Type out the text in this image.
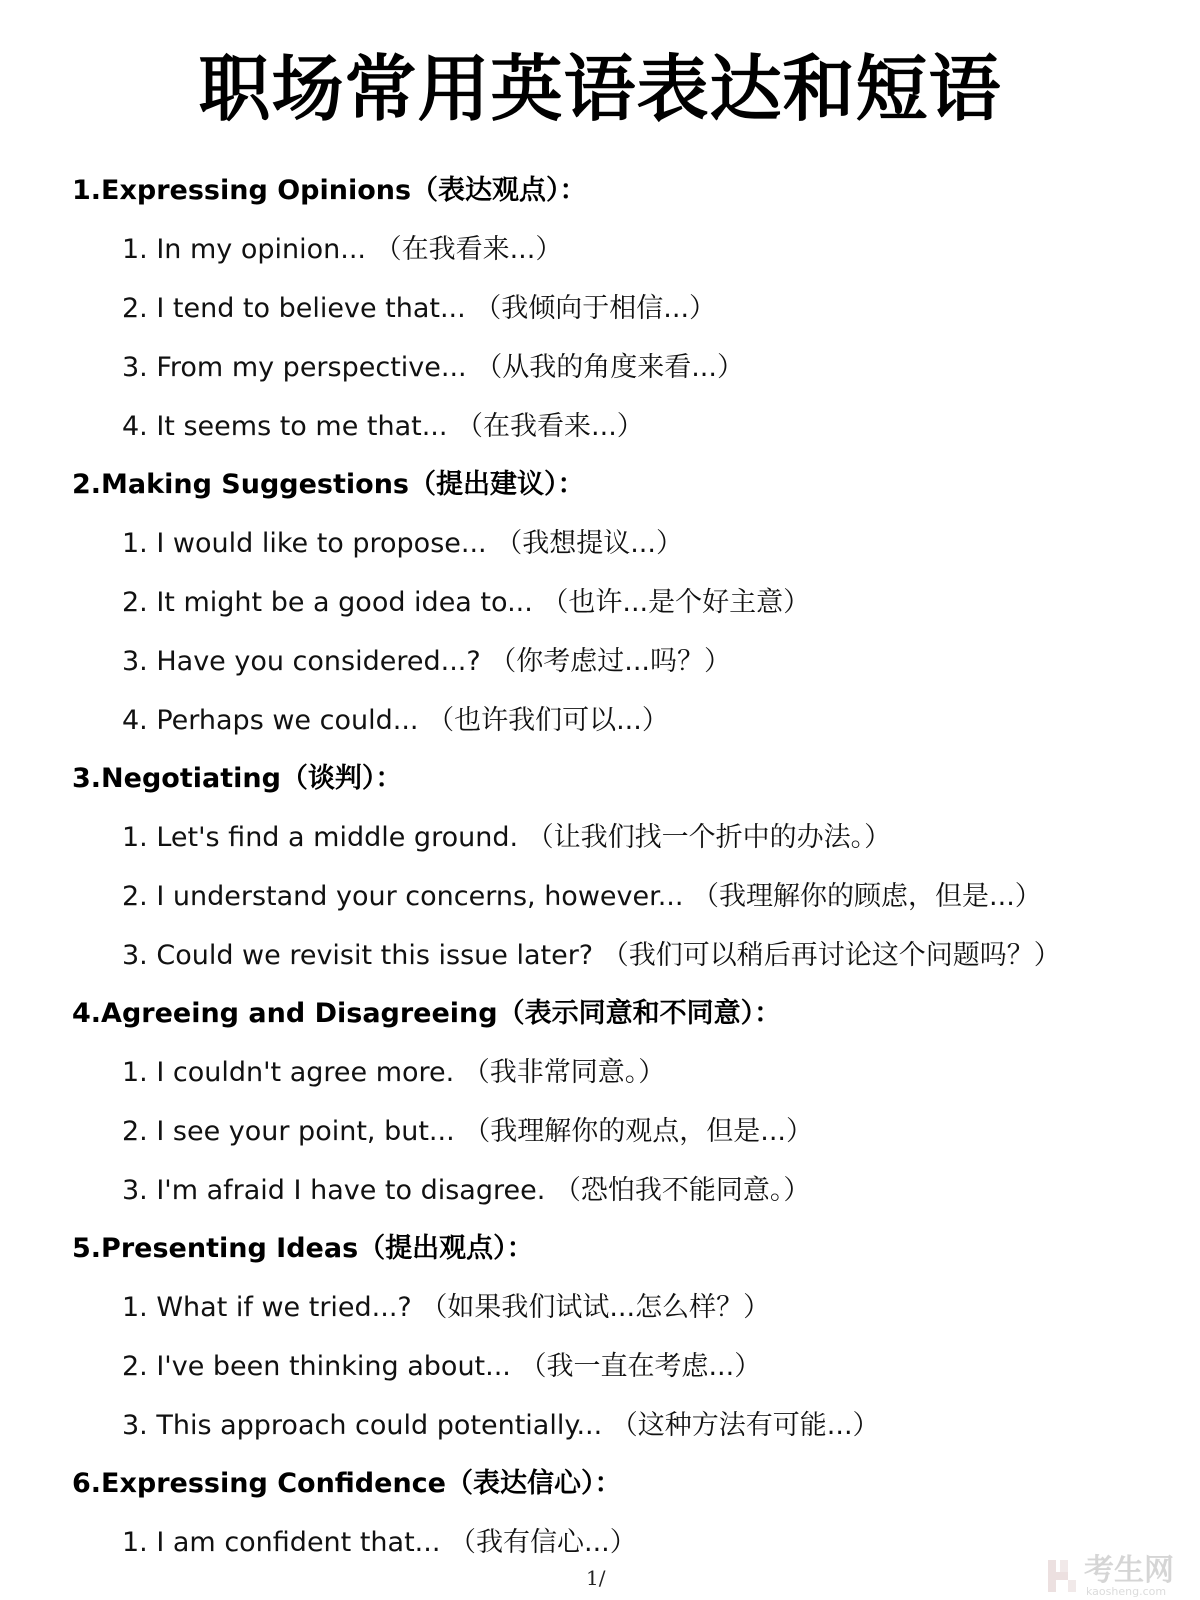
职场常用英语表达和短语
1.Expressing Opinions（表达观点）：
1. In my opinion... （在我看来...）
2. I tend to believe that... （我倾向于相信...）
3. From my perspective... （从我的角度来看...）
4. It seems to me that... （在我看来...）
2.Making Suggestions（提出建议）：
1. I would like to propose... （我想提议...）
2. It might be a good idea to... （也许...是个好主意）
3. Have you considered...? （你考虑过...吗？）
4. Perhaps we could... （也许我们可以...）
3.Negotiating（谈判）：
1. Let's find a middle ground. （让我们找一个折中的办法。）
2. I understand your concerns, however... （我理解你的顾虑，但是...）
3. Could we revisit this issue later? （我们可以稍后再讨论这个问题吗？）
4.Agreeing and Disagreeing（表示同意和不同意）：
1. I couldn't agree more. （我非常同意。）
2. I see your point, but... （我理解你的观点，但是...）
3. I'm afraid I have to disagree. （恐怕我不能同意。）
5.Presenting Ideas（提出观点）：
1. What if we tried...? （如果我们试试...怎么样？）
2. I've been thinking about... （我一直在考虑...）
3. This approach could potentially... （这种方法有可能...）
6.Expressing Confidence（表达信心）：
1. I am confident that... （我有信心...）
1/	考生网
kaosheng.com
